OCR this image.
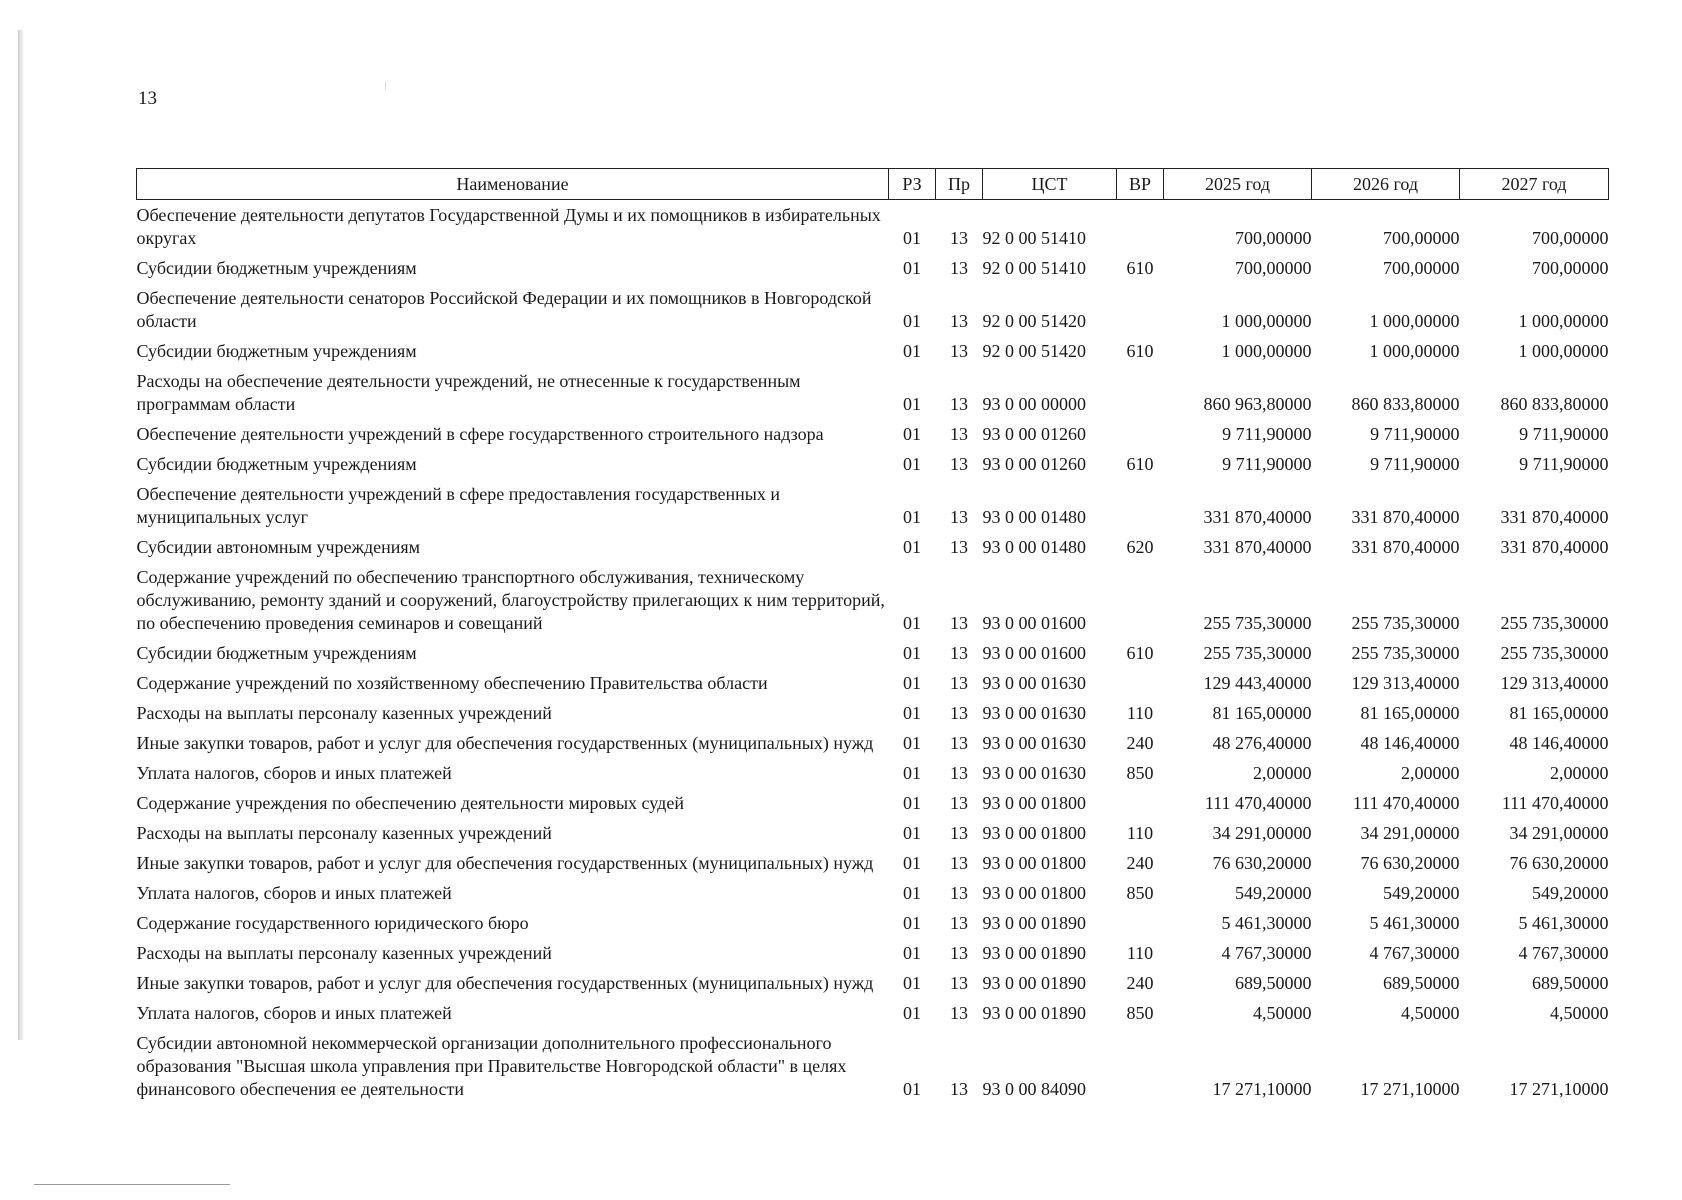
13
Наименование	РЗ	Пр	ЦСТ	ВР	2025 год	2026 год	2027 год
Обеспечение деятельности депутатов Государственной Думы и их помощников в избирательных округах	01	13	92 0 00 51410		700,00000	700,00000	700,00000
Субсидии бюджетным учреждениям	01	13	92 0 00 51410	610	700,00000	700,00000	700,00000
Обеспечение деятельности сенаторов Российской Федерации и их помощников в Новгородской области	01	13	92 0 00 51420		1 000,00000	1 000,00000	1 000,00000
Субсидии бюджетным учреждениям	01	13	92 0 00 51420	610	1 000,00000	1 000,00000	1 000,00000
Расходы на обеспечение деятельности учреждений, не отнесенные к государственным программам области	01	13	93 0 00 00000		860 963,80000	860 833,80000	860 833,80000
Обеспечение деятельности учреждений в сфере государственного строительного надзора	01	13	93 0 00 01260		9 711,90000	9 711,90000	9 711,90000
Субсидии бюджетным учреждениям	01	13	93 0 00 01260	610	9 711,90000	9 711,90000	9 711,90000
Обеспечение деятельности учреждений в сфере предоставления государственных и муниципальных услуг	01	13	93 0 00 01480		331 870,40000	331 870,40000	331 870,40000
Субсидии автономным учреждениям	01	13	93 0 00 01480	620	331 870,40000	331 870,40000	331 870,40000
Содержание учреждений по обеспечению транспортного обслуживания, техническому обслуживанию, ремонту зданий и сооружений, благоустройству прилегающих к ним территорий, по обеспечению проведения семинаров и совещаний	01	13	93 0 00 01600		255 735,30000	255 735,30000	255 735,30000
Субсидии бюджетным учреждениям	01	13	93 0 00 01600	610	255 735,30000	255 735,30000	255 735,30000
Содержание учреждений по хозяйственному обеспечению Правительства области	01	13	93 0 00 01630		129 443,40000	129 313,40000	129 313,40000
Расходы на выплаты персоналу казенных учреждений	01	13	93 0 00 01630	110	81 165,00000	81 165,00000	81 165,00000
Иные закупки товаров, работ и услуг для обеспечения государственных (муниципальных) нужд	01	13	93 0 00 01630	240	48 276,40000	48 146,40000	48 146,40000
Уплата налогов, сборов и иных платежей	01	13	93 0 00 01630	850	2,00000	2,00000	2,00000
Содержание учреждения по обеспечению деятельности мировых судей	01	13	93 0 00 01800		111 470,40000	111 470,40000	111 470,40000
Расходы на выплаты персоналу казенных учреждений	01	13	93 0 00 01800	110	34 291,00000	34 291,00000	34 291,00000
Иные закупки товаров, работ и услуг для обеспечения государственных (муниципальных) нужд	01	13	93 0 00 01800	240	76 630,20000	76 630,20000	76 630,20000
Уплата налогов, сборов и иных платежей	01	13	93 0 00 01800	850	549,20000	549,20000	549,20000
Содержание государственного юридического бюро	01	13	93 0 00 01890		5 461,30000	5 461,30000	5 461,30000
Расходы на выплаты персоналу казенных учреждений	01	13	93 0 00 01890	110	4 767,30000	4 767,30000	4 767,30000
Иные закупки товаров, работ и услуг для обеспечения государственных (муниципальных) нужд	01	13	93 0 00 01890	240	689,50000	689,50000	689,50000
Уплата налогов, сборов и иных платежей	01	13	93 0 00 01890	850	4,50000	4,50000	4,50000
Субсидии автономной некоммерческой организации дополнительного профессионального образования "Высшая школа управления при Правительстве Новгородской области" в целях финансового обеспечения ее деятельности	01	13	93 0 00 84090		17 271,10000	17 271,10000	17 271,10000
